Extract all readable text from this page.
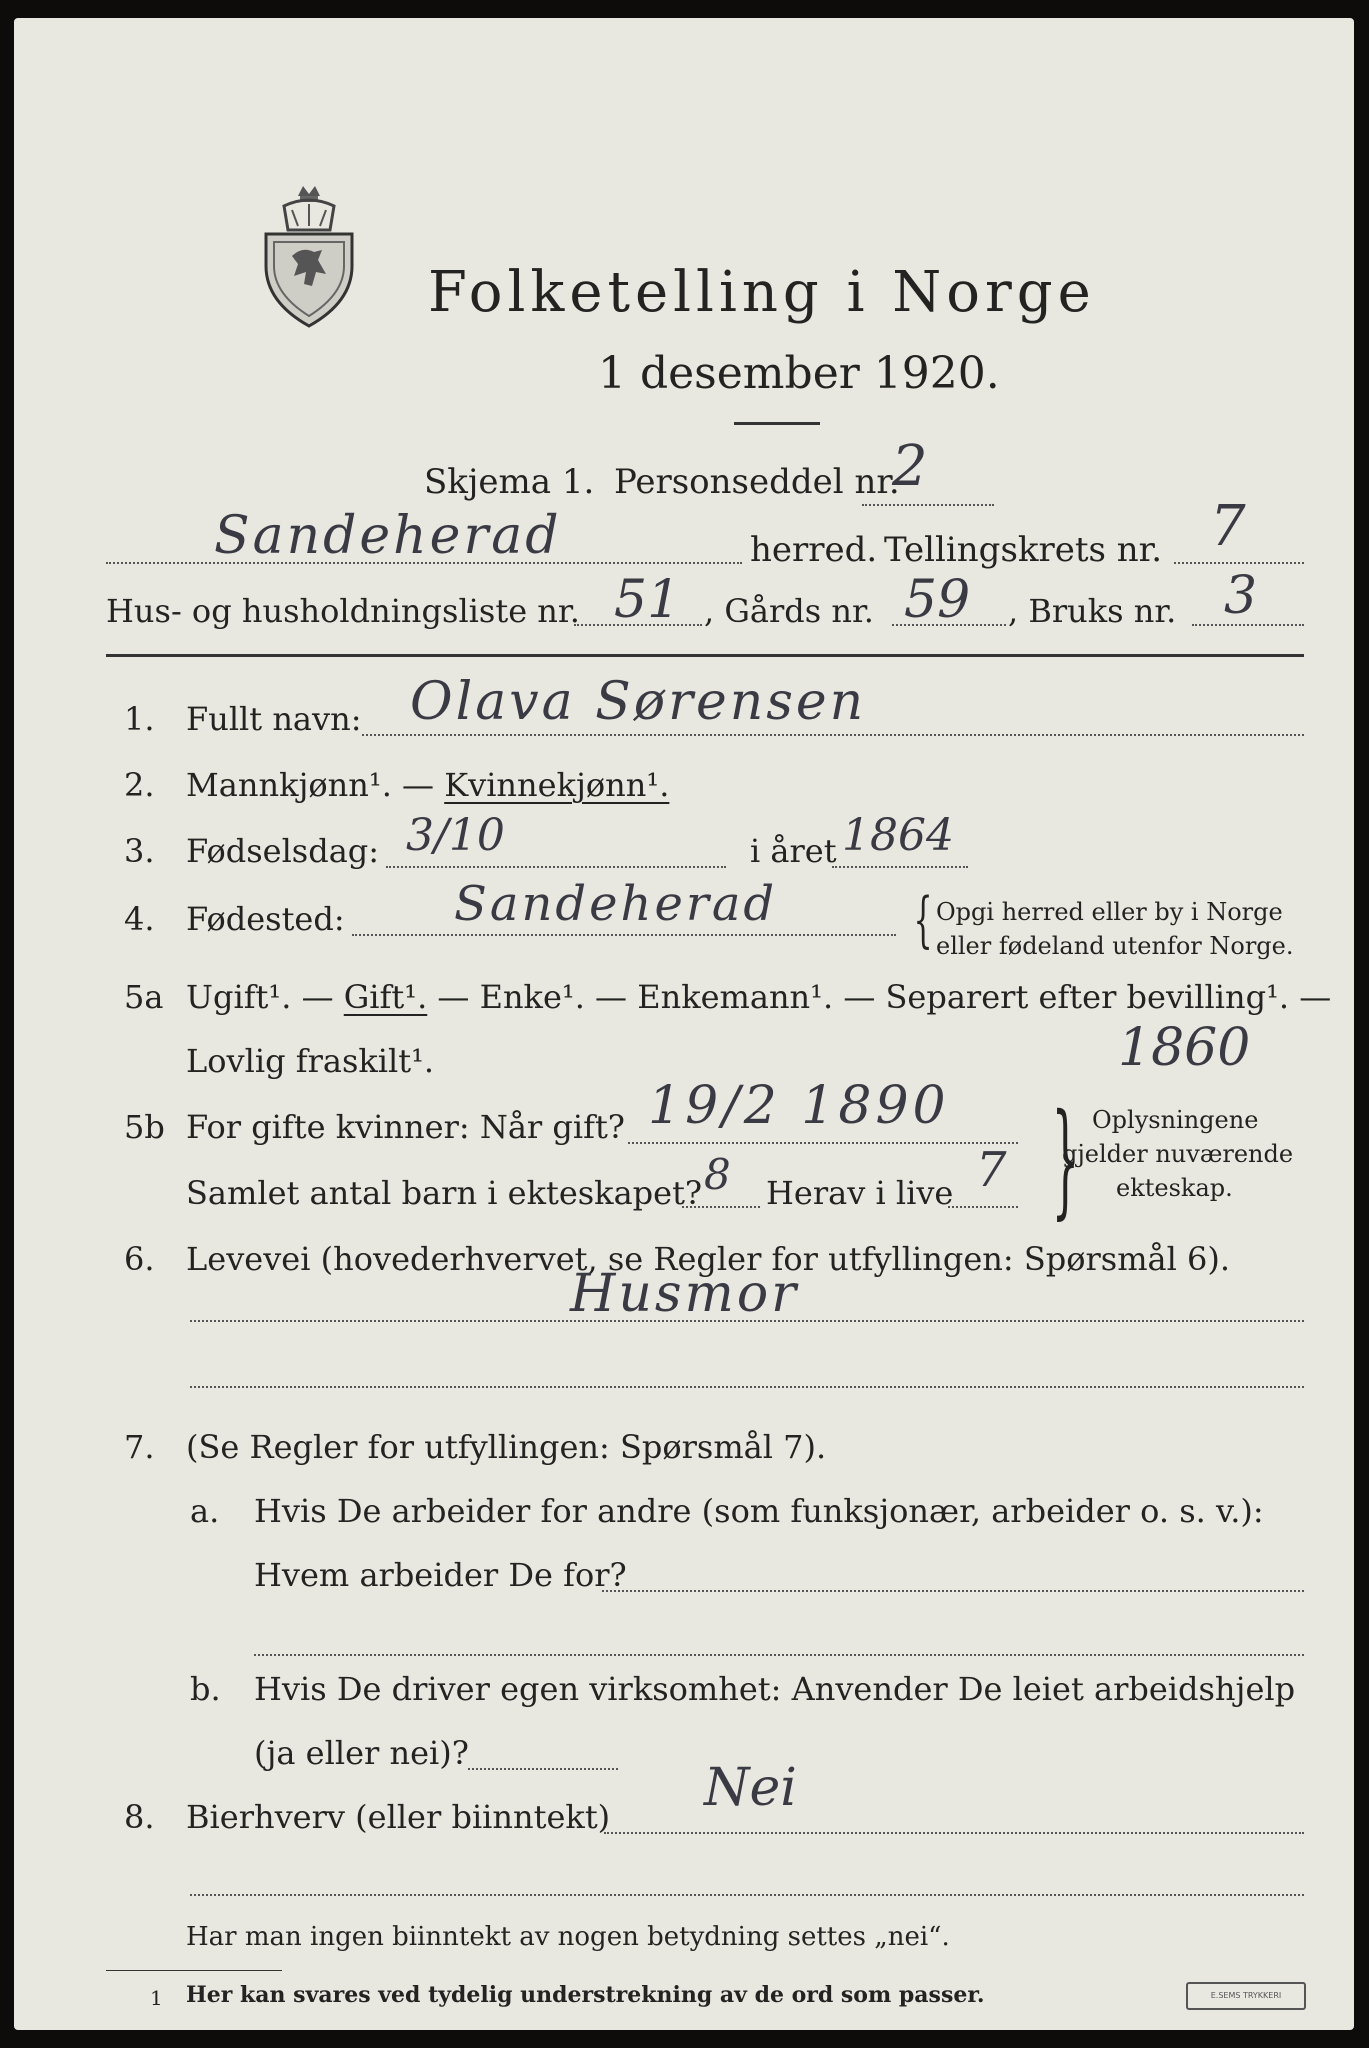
Folketelling i Norge
1 desember 1920.
Skjema 1. Personseddel nr.
2
Sandeherad	herred. Tellingskrets nr. 7
Hus- og husholdningsliste nr. 51 , Gårds nr. 59 , Bruks nr. 3
1. Fullt navn: Olava Sørensen
2. Mannkjønn¹. — Kvinnekjønn¹.
3. Fødselsdag: 3/10	i året 1864
4. Fødested: Sandeherad { Opgi herred eller by i Norge
eller fødeland utenfor Norge.
5a Ugift¹. — Gift¹. — Enke¹. — Enkemann¹. — Separert efter bevilling¹. —
Lovlig fraskilt¹.	1860
5b For gifte kvinner: Når gift? 19/2 1890
Samlet antal barn i ekteskapet? 8 Herav i live 7 } Oplysningene
gjelder nuværende
ekteskap.
6. Levevei (hovederhvervet, se Regler for utfyllingen: Spørsmål 6).
Husmor
7. (Se Regler for utfyllingen: Spørsmål 7).
a. Hvis De arbeider for andre (som funksjonær, arbeider o. s. v.):
Hvem arbeider De for?
b. Hvis De driver egen virksomhet: Anvender De leiet arbeidshjelp
(ja eller nei)?
8. Bierhverv (eller biinntekt) Nei
Har man ingen biinntekt av nogen betydning settes „nei“.
1 Her kan svares ved tydelig understrekning av de ord som passer.	E.SEMS TRYKKERI
